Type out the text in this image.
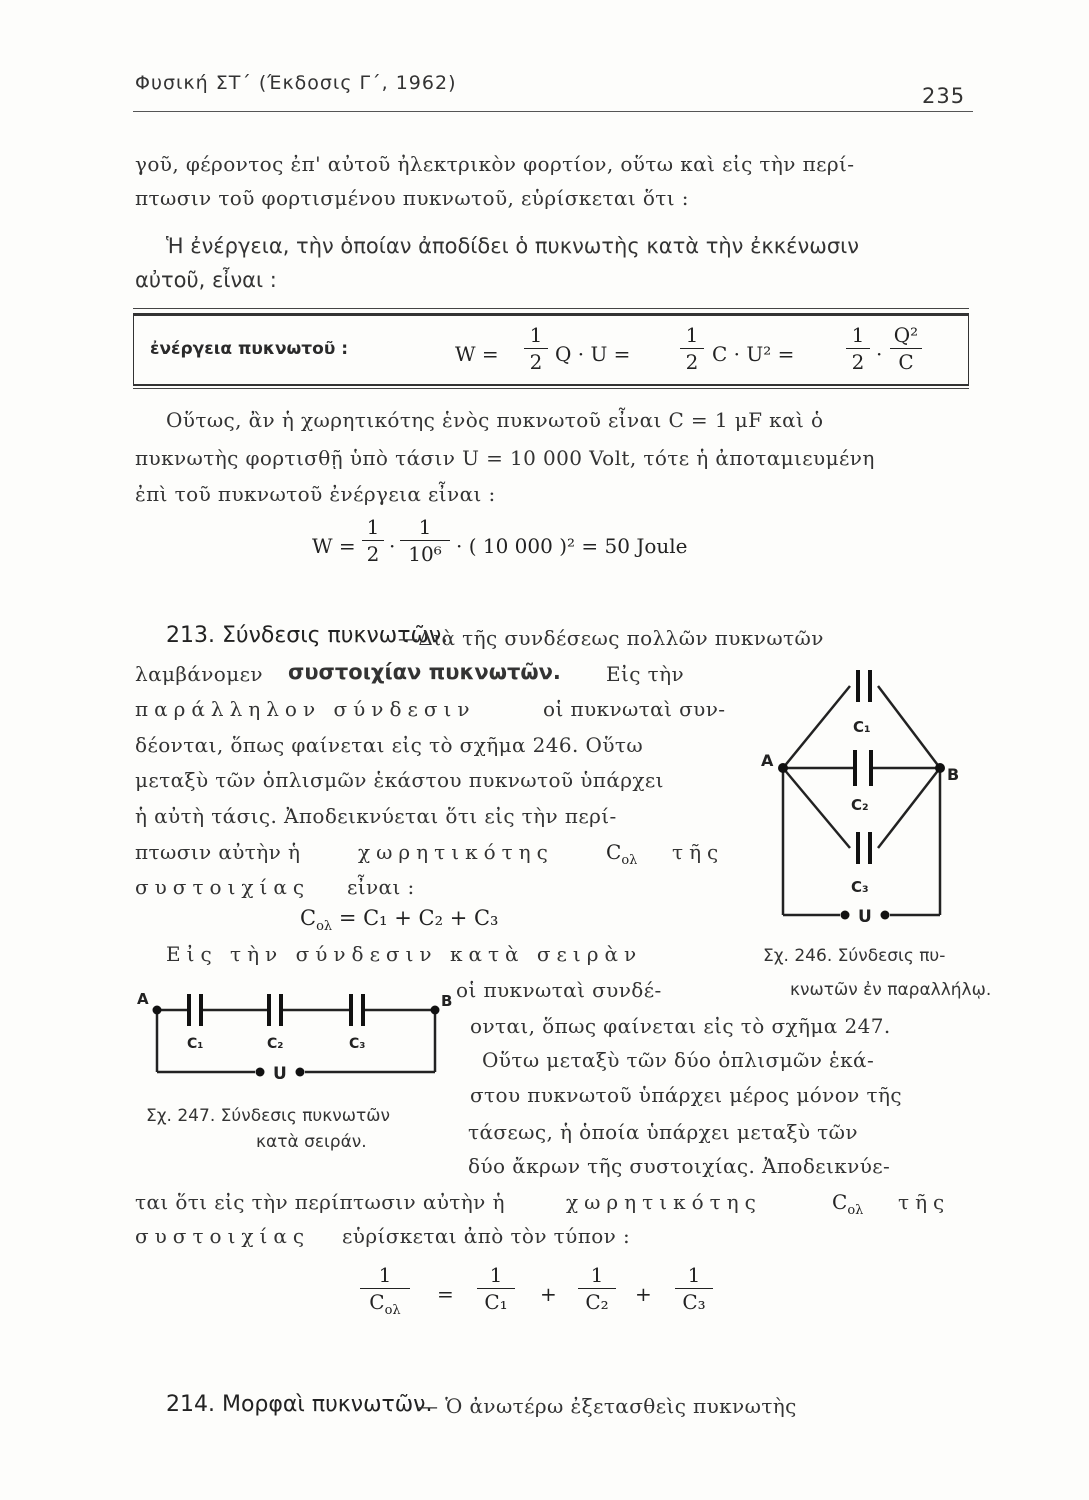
Φυσική ΣΤ΄ (Έκδοσις Γ΄, 1962)
235
γοῦ, φέροντος ἐπ' αὐτοῦ ἠλεκτρικὸν φορτίον, οὕτω καὶ εἰς τὴν περί-
πτωσιν τοῦ φορτισμένου πυκνωτοῦ, εὑρίσκεται ὅτι :
Ἡ ἐνέργεια, τὴν ὁποίαν ἀποδίδει ὁ πυκνωτὴς κατὰ τὴν ἐκκένωσιν
αὐτοῦ, εἶναι :
ἐνέργεια πυκνωτοῦ :	W =
1
2 Q · U =
1
2 C · U² =
1
2 ·
Q²
C
Οὕτως, ἂν ἡ χωρητικότης ἑνὸς πυκνωτοῦ εἶναι C = 1 μF καὶ ὁ
πυκνωτὴς φορτισθῇ ὑπὸ τάσιν U = 10 000 Volt, τότε ἡ ἀποταμιευμένη
ἐπὶ τοῦ πυκνωτοῦ ἐνέργεια εἶναι :
W =
1
2 ·
1
10⁶ · ( 10 000 )² = 50 Joule
213. Σύνδεσις πυκνωτῶν.
—Διὰ τῆς συνδέσεως πολλῶν πυκνωτῶν
λαμβάνομεν συστοιχίαν πυκνωτῶν. Εἰς τὴν
παράλληλον σύνδεσιν	οἱ πυκνωταὶ συν-
δέονται, ὅπως φαίνεται εἰς τὸ σχῆμα 246. Οὕτω
μεταξὺ τῶν ὁπλισμῶν ἑκάστου πυκνωτοῦ ὑπάρχει
ἡ αὐτὴ τάσις. Ἀποδεικνύεται ὅτι εἰς τὴν περί-
πτωσιν αὐτὴν ἡ	χωρητικότης	$C_{o\lambda}$ τῆς
συστοιχίας εἶναι :
$C_{o\lambda} = C_1 + C_2 + C_3$
Εἰς τὴν σύνδεσιν κατὰ σειρὰν
οἱ πυκνωταὶ συνδέ-
ονται, ὅπως φαίνεται εἰς τὸ σχῆμα 247.
Οὕτω μεταξὺ τῶν δύο ὁπλισμῶν ἑκά-
στου πυκνωτοῦ ὑπάρχει μέρος μόνον τῆς
τάσεως, ἡ ὁποία ὑπάρχει μεταξὺ τῶν
δύο ἄκρων τῆς συστοιχίας. Ἀποδεικνύε-
ται ὅτι εἰς τὴν περίπτωσιν αὐτὴν ἡ	χωρητικότης	$C_{o\lambda}$ τῆς
συστοιχίας εὑρίσκεται ἀπὸ τὸν τύπον :
1
$C_{o\lambda}$
=
1
C₁	+
1
C₂	+
1
C₃
214. Μορφαὶ πυκνωτῶν.
— Ὁ ἀνωτέρω ἐξετασθεὶς πυκνωτὴς
A
B
C₁
C₂
C₃
U
Σχ. 246. Σύνδεσις πυ-
κνωτῶν ἐν παραλλήλῳ.
A	B
C₁	C₂	C₃
U
Σχ. 247. Σύνδεσις πυκνωτῶν
κατὰ σειράν.
